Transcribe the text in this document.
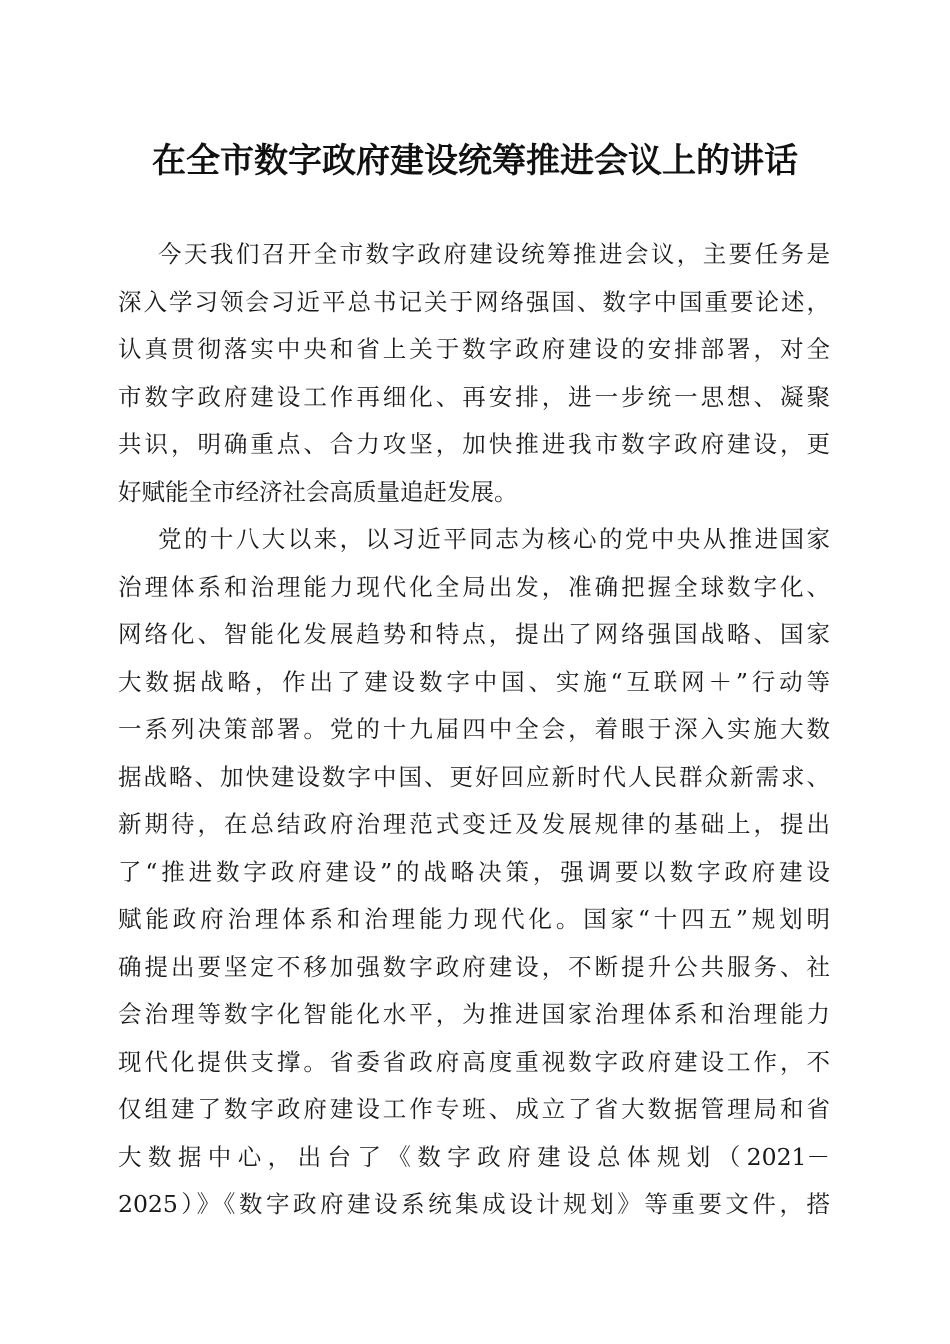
在全市数字政府建设统筹推进会议上的讲话
今天我们召开全市数字政府建设统筹推进会议，主要任务是
深入学习领会习近平总书记关于网络强国、数字中国重要论述，
认真贯彻落实中央和省上关于数字政府建设的安排部署，对全
市数字政府建设工作再细化、再安排，进一步统一思想、凝聚
共识，明确重点、合力攻坚，加快推进我市数字政府建设，更
好赋能全市经济社会高质量追赶发展。
党的十八大以来，以习近平同志为核心的党中央从推进国家
治理体系和治理能力现代化全局出发，准确把握全球数字化、
网络化、智能化发展趋势和特点，提出了网络强国战略、国家
大数据战略，作出了建设数字中国、实施“互联网＋”行动等
一系列决策部署。党的十九届四中全会，着眼于深入实施大数
据战略、加快建设数字中国、更好回应新时代人民群众新需求、
新期待，在总结政府治理范式变迁及发展规律的基础上，提出
了“推进数字政府建设”的战略决策，强调要以数字政府建设
赋能政府治理体系和治理能力现代化。国家“十四五”规划明
确提出要坚定不移加强数字政府建设，不断提升公共服务、社
会治理等数字化智能化水平，为推进国家治理体系和治理能力
现代化提供支撑。省委省政府高度重视数字政府建设工作，不
仅组建了数字政府建设工作专班、成立了省大数据管理局和省
大数据中心，出台了《数字政府建设总体规划（2021－
2025）》《数字政府建设系统集成设计规划》等重要文件，搭
